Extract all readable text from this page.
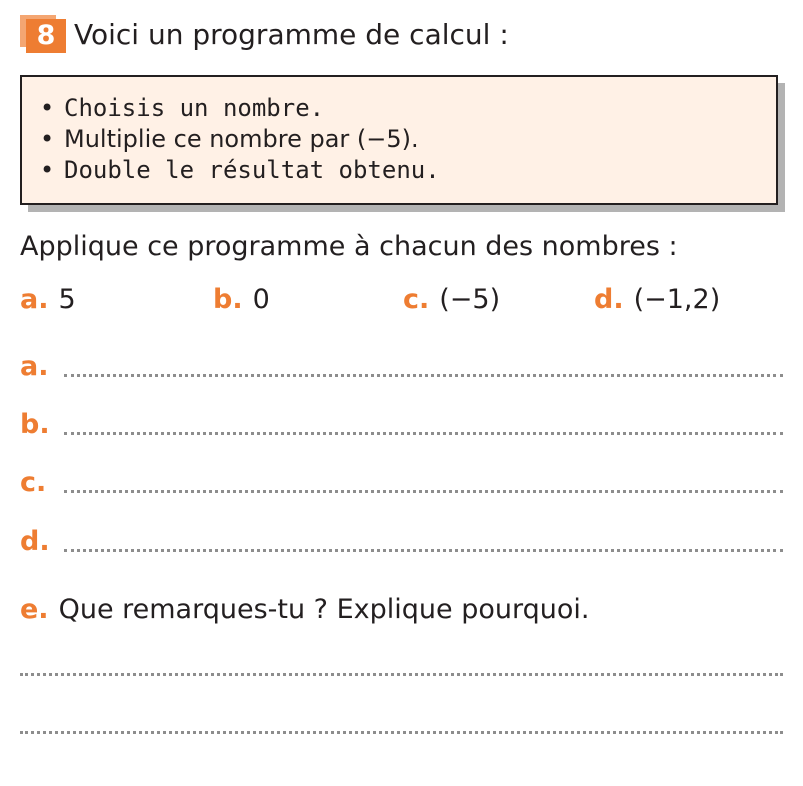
8 Voici un programme de calcul :
• Choisis un nombre.
• Multiplie ce nombre par (−5).
• Double le résultat obtenu.
Applique ce programme à chacun des nombres :
a. 5	b. 0	c. (−5)	d. (−1,2)
a.
b.
c.
d.
e. Que remarques-tu ? Explique pourquoi.
